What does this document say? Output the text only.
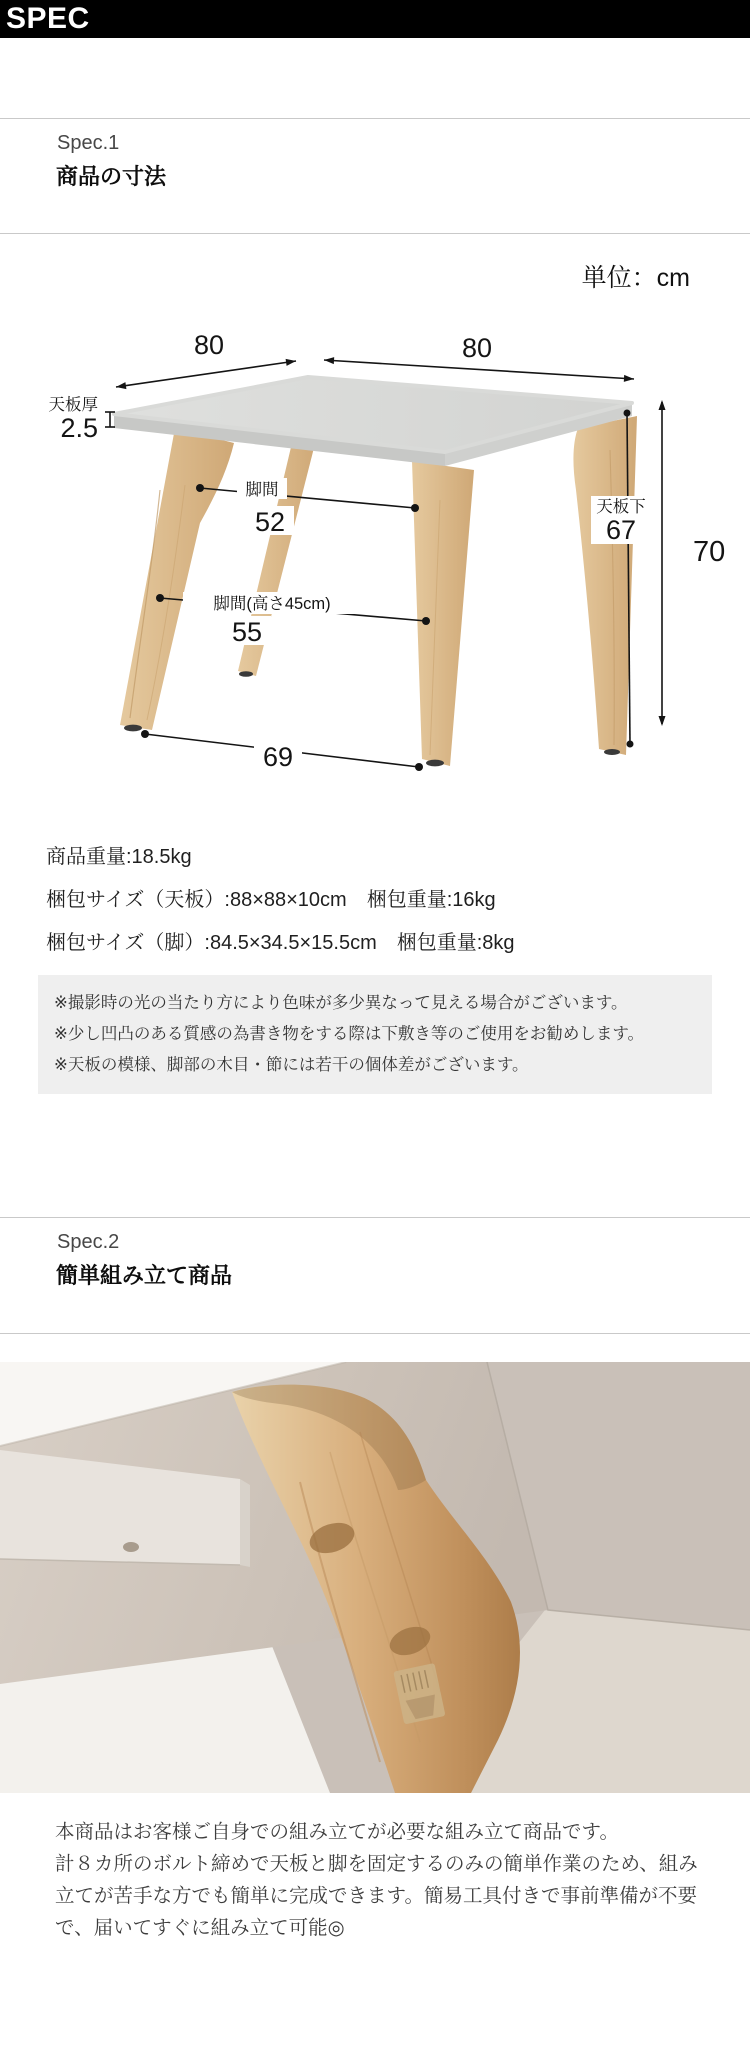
SPEC
Spec.1
商品の寸法
単位：cm
80	80
天板厚
2.5
脚間
52
脚間(高さ45cm)
55
天板下
67
70
69
商品重量:18.5kg
梱包サイズ（天板）:88×88×10cm　梱包重量:16kg
梱包サイズ（脚）:84.5×34.5×15.5cm　梱包重量:8kg
※撮影時の光の当たり方により色味が多少異なって見える場合がございます。
※少し凹凸のある質感の為書き物をする際は下敷き等のご使用をお勧めします。
※天板の模様、脚部の木目・節には若干の個体差がございます。
Spec.2
簡単組み立て商品
本商品はお客様ご自身での組み立てが必要な組み立て商品です。
計８カ所のボルト締めで天板と脚を固定するのみの簡単作業のため、組み
立てが苦手な方でも簡単に完成できます。簡易工具付きで事前準備が不要
で、届いてすぐに組み立て可能◎
